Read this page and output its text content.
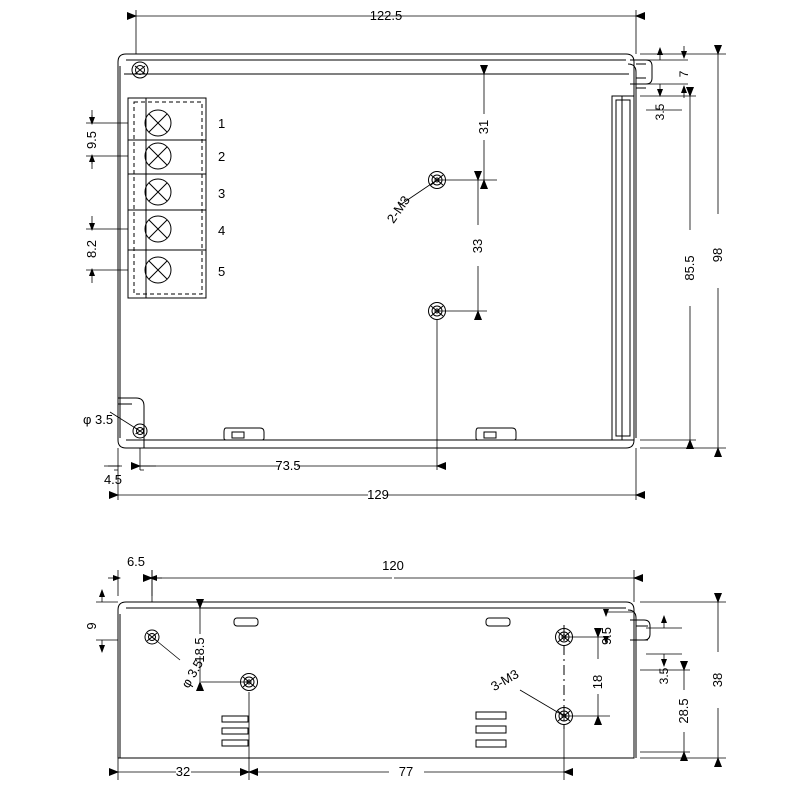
122.5
129
73.5
4.5
98
85.5
7
3.5
31
33
9.5
8.2
2-M3
φ 3.5
1
2
3
4
5
120
6.5
32	77
38
28.5
3.5
9
18.5
9.5
18
3-M3
φ 3.5
